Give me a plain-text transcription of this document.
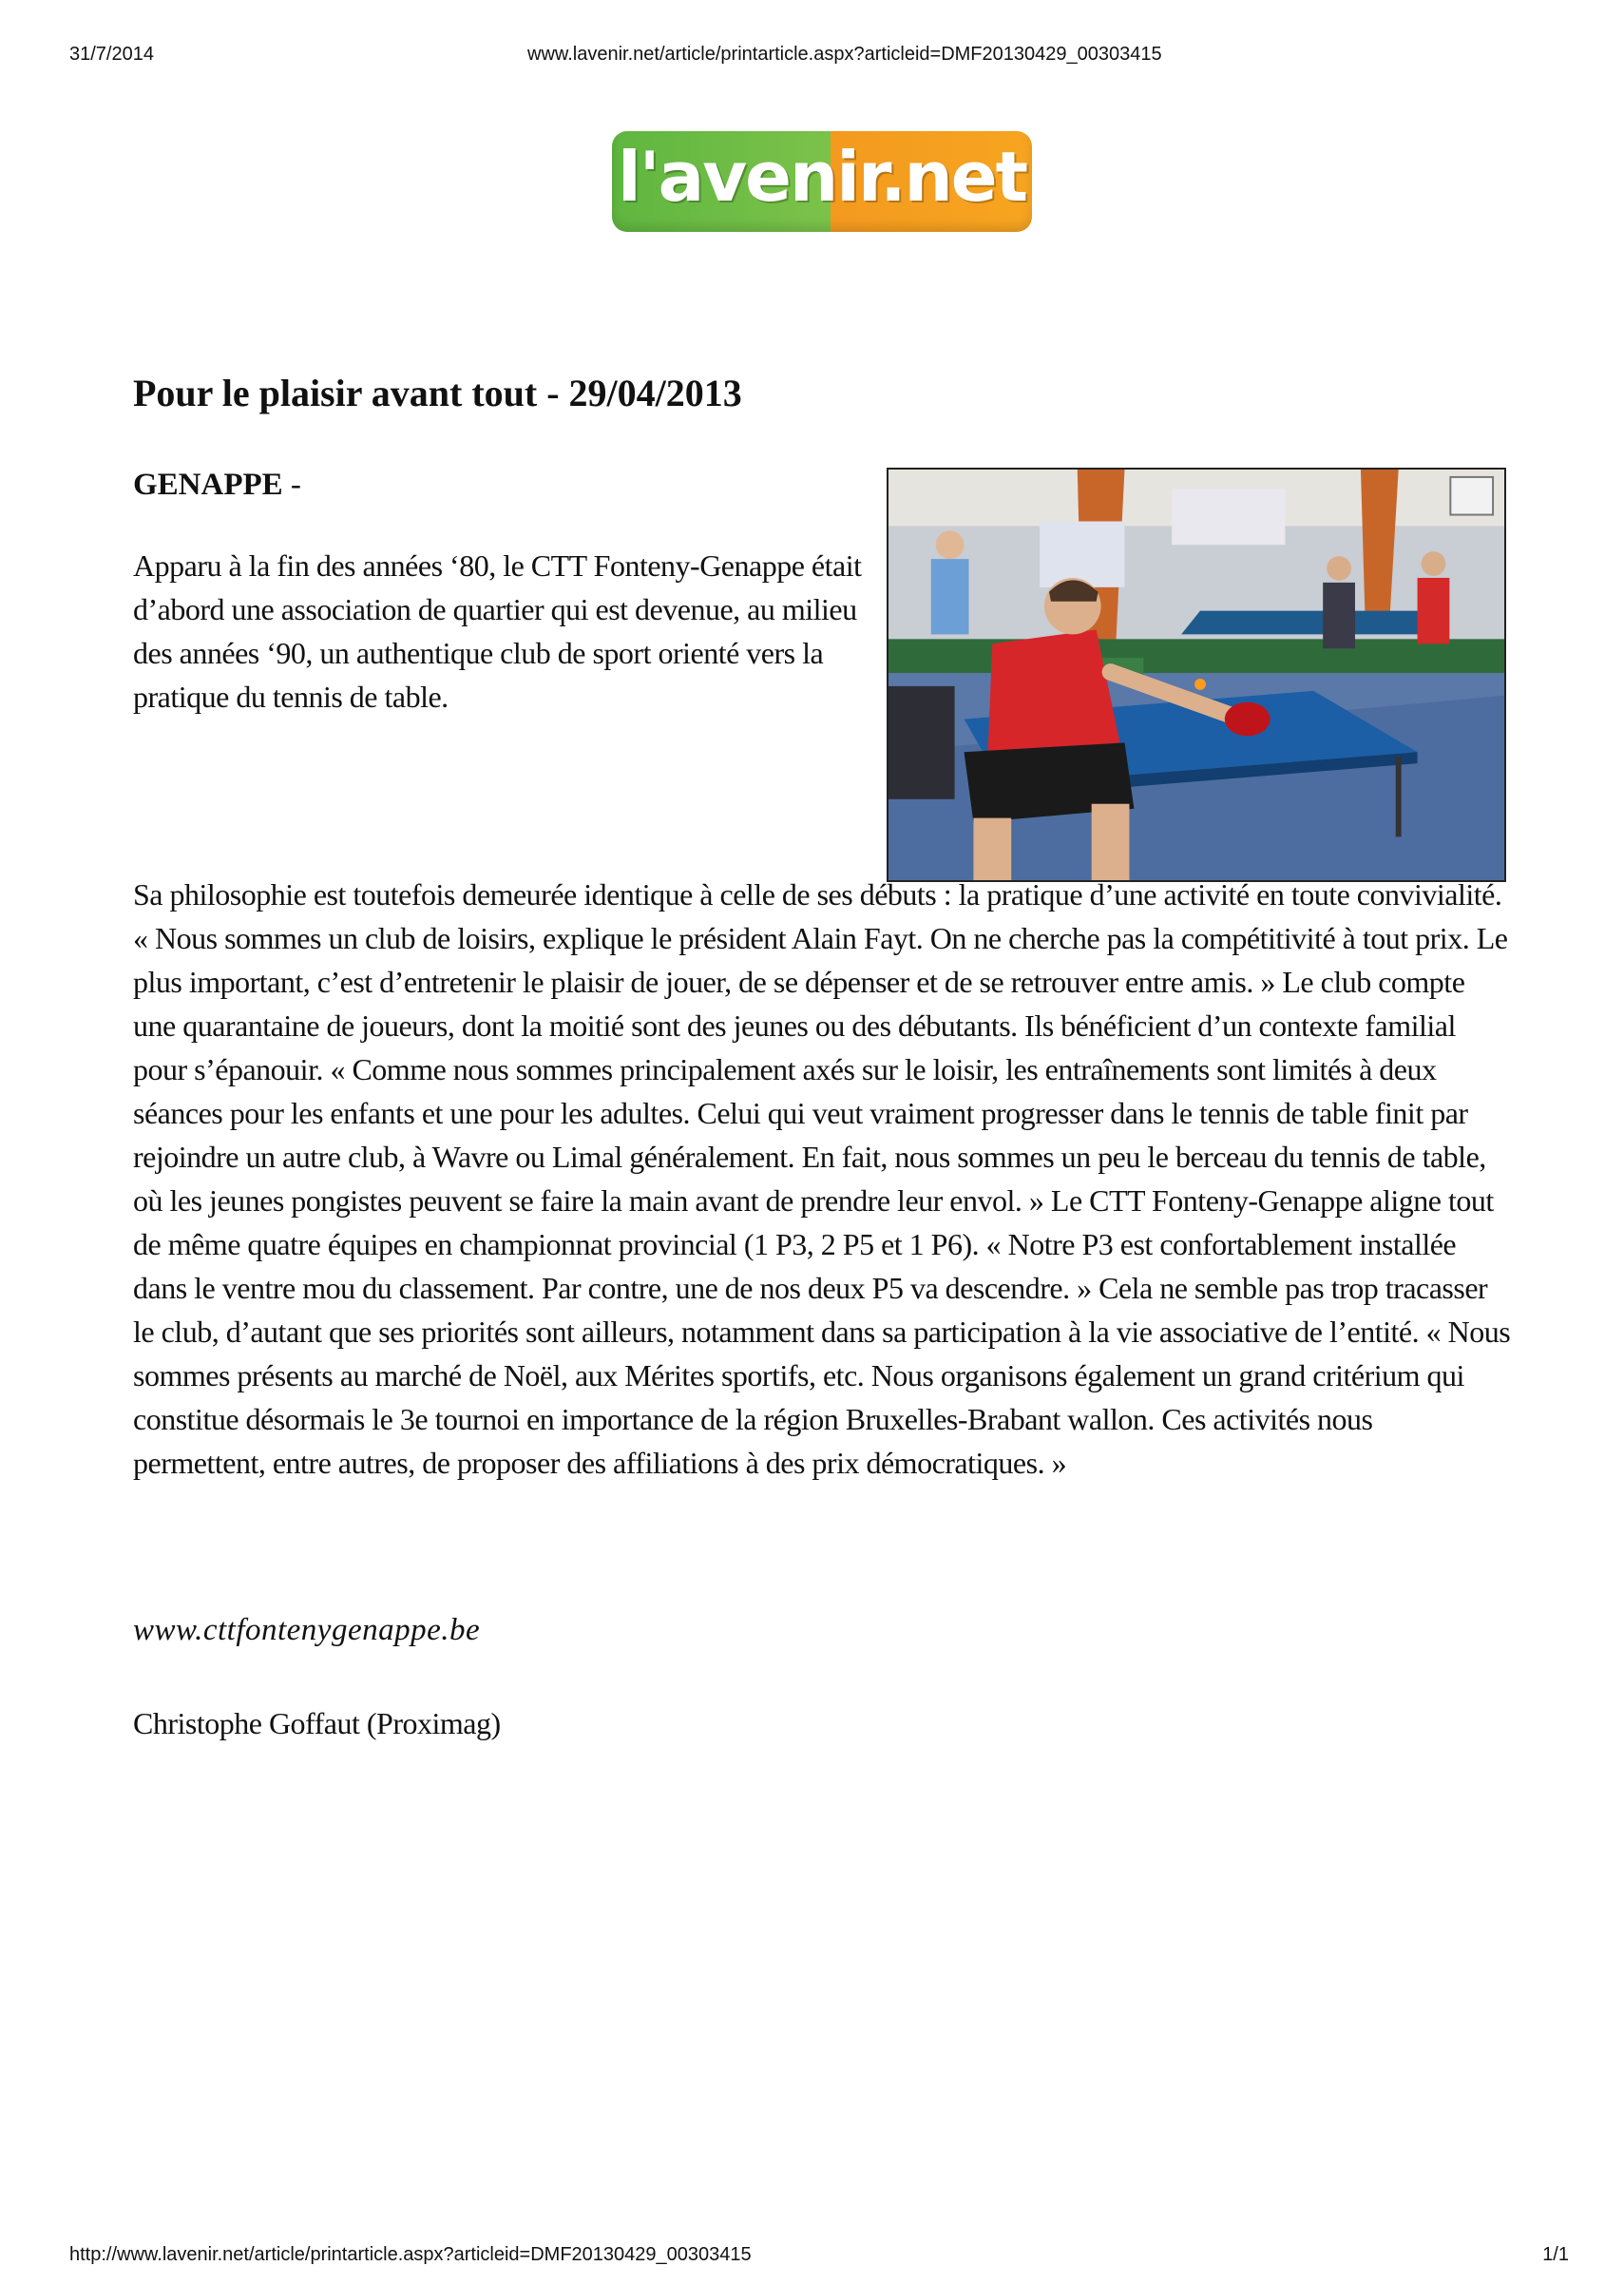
31/7/2014	www.lavenir.net/article/printarticle.aspx?articleid=DMF20130429_00303415
l'avenir.net
Pour le plaisir avant tout - 29/04/2013

GENAPPE -

Apparu à la fin des années ‘80, le CTT Fonteny-Genappe était d’abord une association de quartier qui est devenue, au milieu des années ‘90, un authentique club de sport orienté vers la pratique du tennis de table.

Sa philosophie est toutefois demeurée identique à celle de ses débuts : la pratique d’une activité en toute convivialité. « Nous sommes un club de loisirs, explique le président Alain Fayt. On ne cherche pas la compétitivité à tout prix. Le plus important, c’est d’entretenir le plaisir de jouer, de se dépenser et de se retrouver entre amis. » Le club compte une quarantaine de joueurs, dont la moitié sont des jeunes ou des débutants. Ils bénéficient d’un contexte familial pour s’épanouir. « Comme nous sommes principalement axés sur le loisir, les entraînements sont limités à deux séances pour les enfants et une pour les adultes. Celui qui veut vraiment progresser dans le tennis de table finit par rejoindre un autre club, à Wavre ou Limal généralement. En fait, nous sommes un peu le berceau du tennis de table, où les jeunes pongistes peuvent se faire la main avant de prendre leur envol. » Le CTT Fonteny-Genappe aligne tout de même quatre équipes en championnat provincial (1 P3, 2 P5 et 1 P6). « Notre P3 est confortablement installée dans le ventre mou du classement. Par contre, une de nos deux P5 va descendre. » Cela ne semble pas trop tracasser le club, d’autant que ses priorités sont ailleurs, notamment dans sa participation à la vie associative de l’entité. « Nous sommes présents au marché de Noël, aux Mérites sportifs, etc. Nous organisons également un grand critérium qui constitue désormais le 3e tournoi en importance de la région Bruxelles-Brabant wallon. Ces activités nous permettent, entre autres, de proposer des affiliations à des prix démocratiques. »

www.cttfontenygenappe.be

Christophe Goffaut (Proximag)

http://www.lavenir.net/article/printarticle.aspx?articleid=DMF20130429_00303415	1/1
